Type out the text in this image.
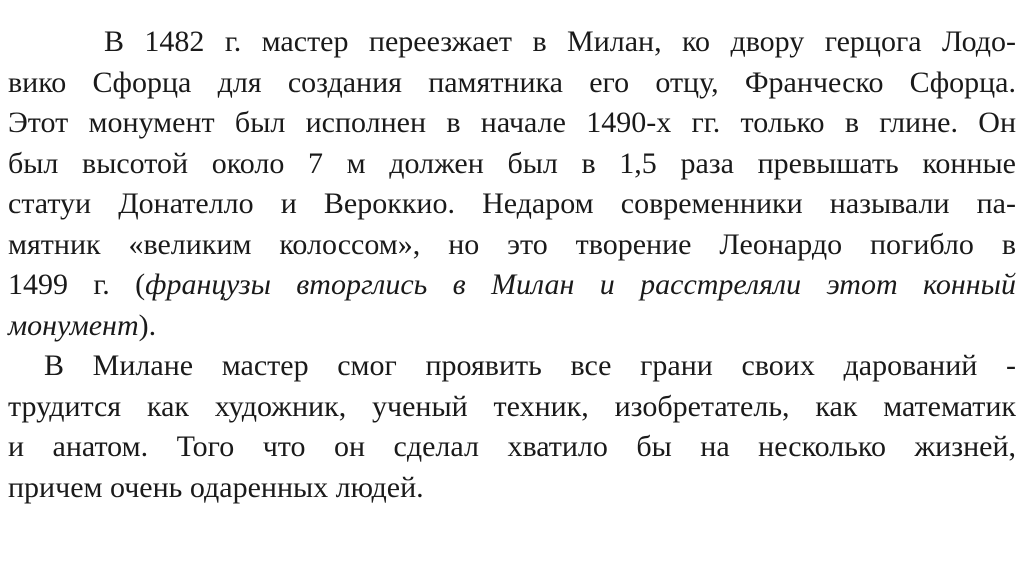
В 1482 г. мастер переезжает в Милан, ко двору герцога Лодо-
вико Сфорца для создания памятника его отцу, Франческо Сфорца.
Этот монумент был исполнен в начале 1490-х гг. только в глине. Он
был высотой около 7 м должен был в 1,5 раза превышать конные
статуи Донателло и Вероккио. Недаром современники называли па-
мятник «великим колоссом», но это творение Леонардо погибло в
1499 г. (французы вторглись в Милан и расстреляли этот конный
монумент).
В Милане мастер смог проявить все грани своих дарований -
трудится как художник, ученый техник, изобретатель, как математик
и анатом. Того что он сделал хватило бы на несколько жизней,
причем очень одаренных людей.
